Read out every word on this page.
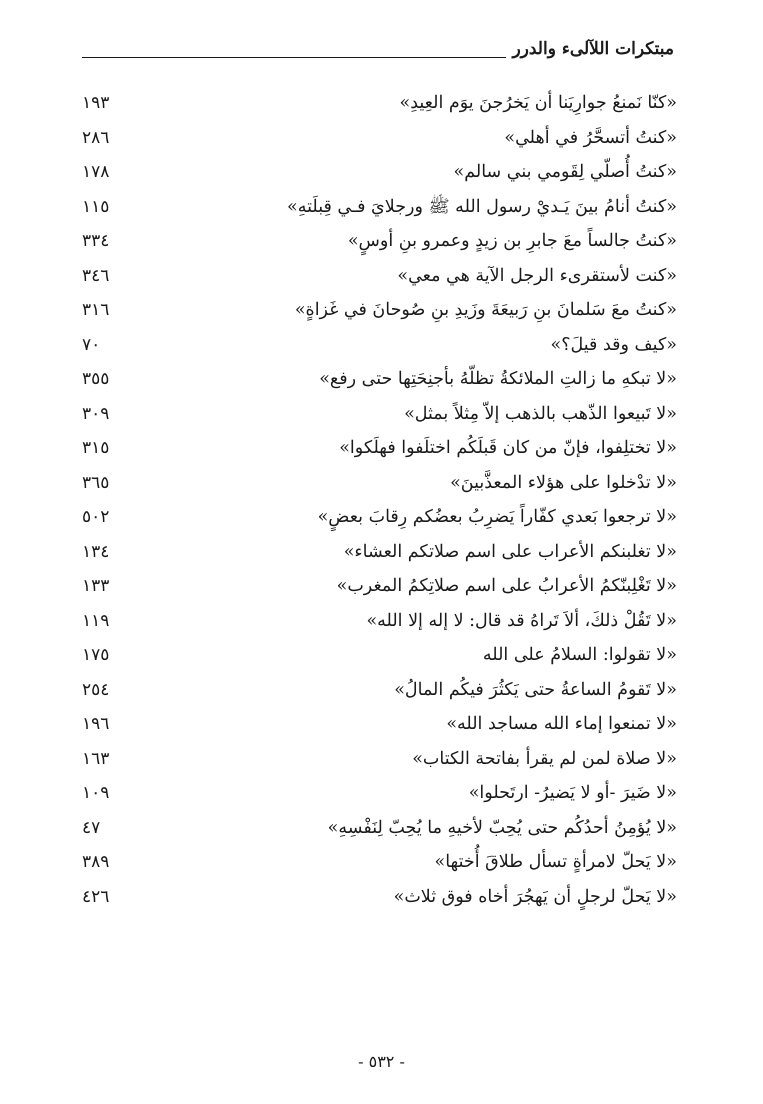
مبتكرات اللآلىء والدرر
«كنّا نَمنعُ جوارِيَنا أن يَخرُجنَ يوَم العِيدِ»
١٩٣
«كنتُ أتسحَّرُ في أهلي»
٢٨٦
«كنتُ أُصلّي لِقَومي بني سالم»
١٧٨
«كنتُ أنامُ بينَ يَـديْ رسول الله ﷺ ورجلايَ فـي قِبلَتهِ»
١١٥
«كنتُ جالساً معَ جابرِ بن زيدٍ وعمرو بنِ أوسٍ»
٣٣٤
«كنت لأستقرىء الرجل الآية هي معي»
٣٤٦
«كنتُ معَ سَلمانَ بنِ رَبيعَةَ وزَيدِ بنِ صُوحانَ في غَزاةٍ»
٣١٦
«كيف وقد قيلَ؟»
٧٠
«لا تبكهِ ما زالتِ الملائكةُ تظلّهُ بأجنِحَتِها حتى رفع»
٣٥٥
«لا تَبيعوا الذّهب بالذهب إلاّ مِثلاً بمثل»
٣٠٩
«لا تختلِفوا، فإنّ من كان قَبلَكُم اختلَفوا فهلَكوا»
٣١٥
«لا تدْخلوا على هؤلاء المعذَّبينَ»
٣٦٥
«لا ترجعوا بَعدي كفّاراً يَضرِبُ بعضُكم رِقابَ بعضٍ»
٥٠٢
«لا تغلبنكم الأعراب على اسم صلاتكم العشاء»
١٣٤
«لا تَغْلِبنّكمُ الأعرابُ على اسم صلاتِكمُ المغرب»
١٣٣
«لا تَقُلْ ذلكَ، ألاَ تَراهُ قد قال: لا إله إلا الله»
١١٩
«لا تقولوا: السلامُ على الله
١٧٥
«لا تَقومُ الساعةُ حتى يَكثُرَ فيكُم المالُ»
٢٥٤
«لا تمنعوا إماء الله مساجد الله»
١٩٦
«لا صلاة لمن لم يقرأ بفاتحة الكتاب»
١٦٣
«لا ضَيرَ -أو لا يَضيرُ- ارتَحلوا»
١٠٩
«لا يُؤمِنُ أحدُكُم حتى يُحِبّ لأخيهِ ما يُحِبّ لِنَفْسِهِ»
٤٧
«لا يَحلّ لامرأةٍ تسأل طلاقَ أُختها»
٣٨٩
«لا يَحلّ لرجلٍ أن يَهجُرَ أخاه فوق ثلاث»
٤٢٦
- ٥٣٢ -
